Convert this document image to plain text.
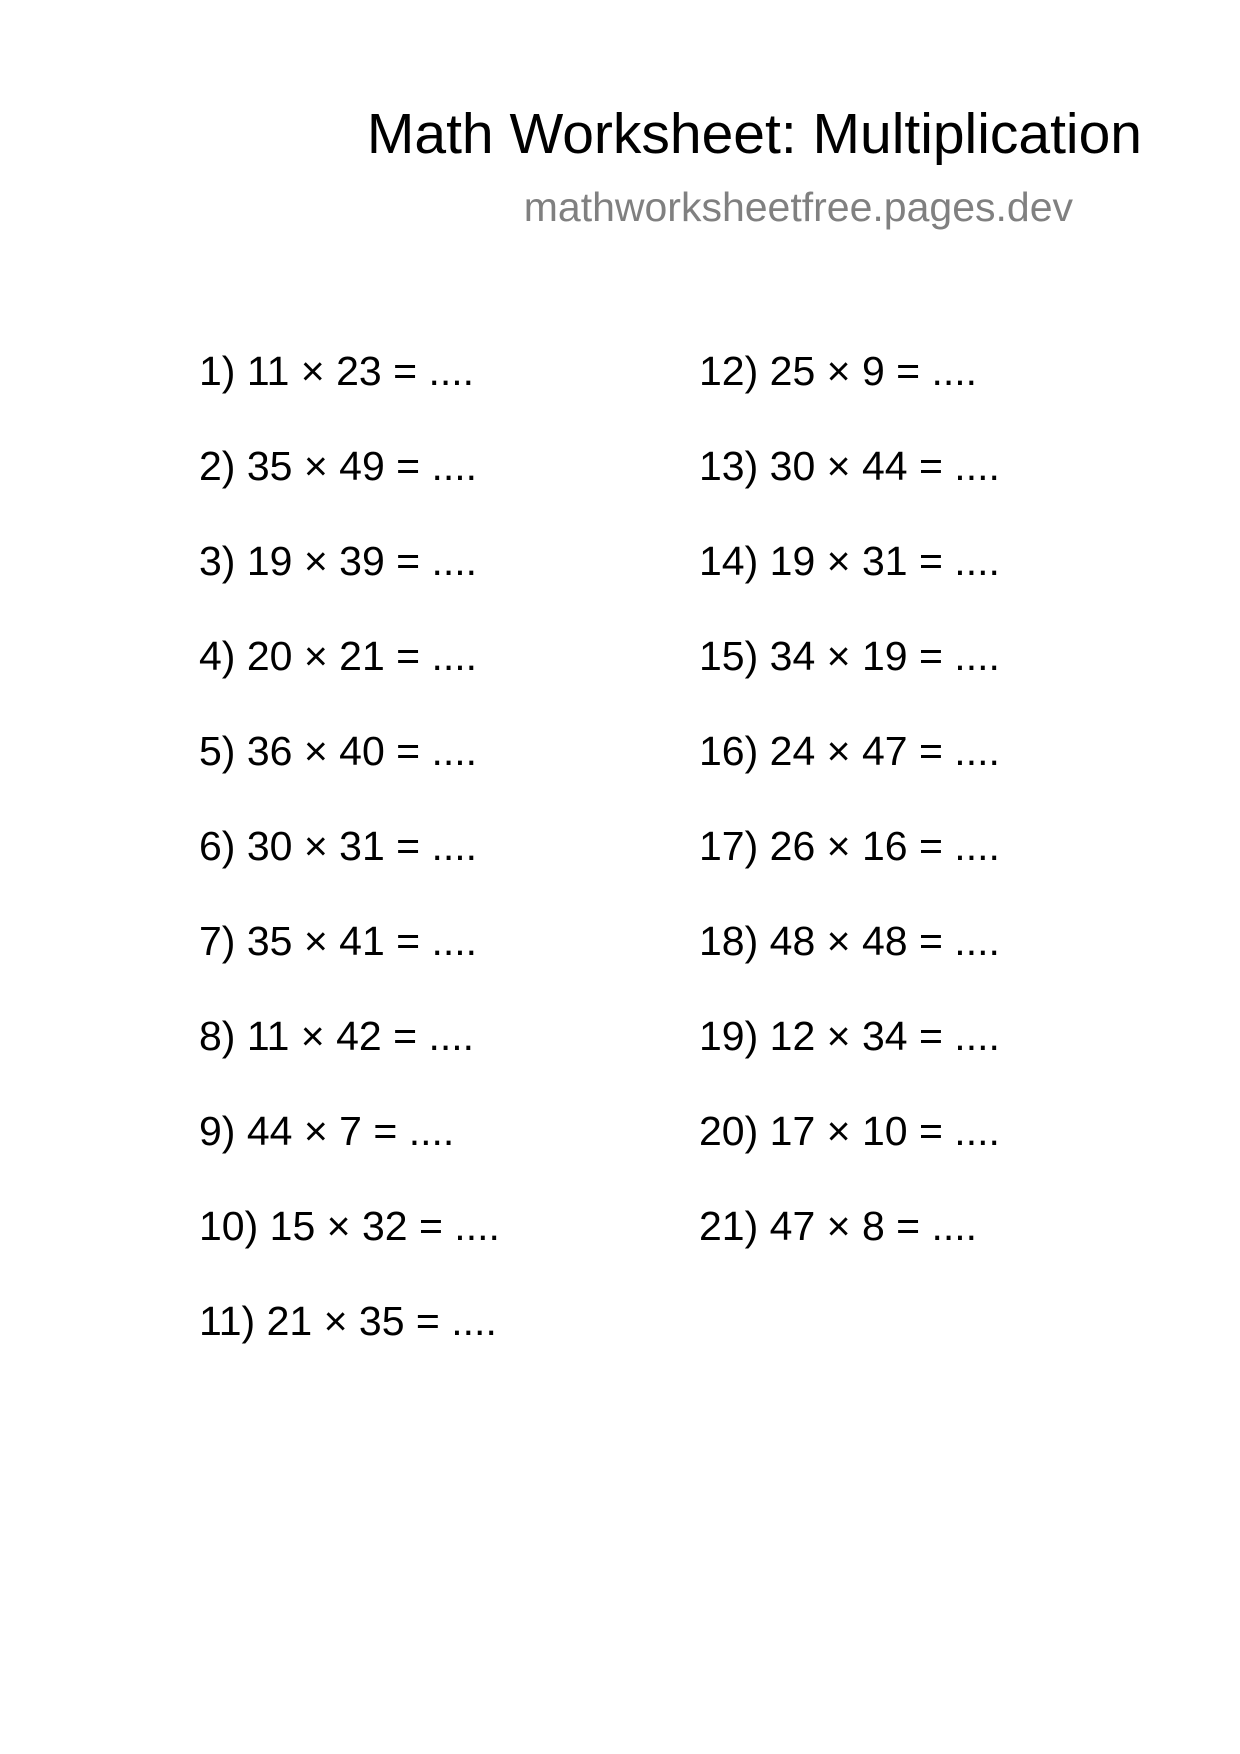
Math Worksheet: Multiplication
mathworksheetfree.pages.dev
1) 11 × 23 = ....
2) 35 × 49 = ....
3) 19 × 39 = ....
4) 20 × 21 = ....
5) 36 × 40 = ....
6) 30 × 31 = ....
7) 35 × 41 = ....
8) 11 × 42 = ....
9) 44 × 7 = ....
10) 15 × 32 = ....
11) 21 × 35 = ....
12) 25 × 9 = ....
13) 30 × 44 = ....
14) 19 × 31 = ....
15) 34 × 19 = ....
16) 24 × 47 = ....
17) 26 × 16 = ....
18) 48 × 48 = ....
19) 12 × 34 = ....
20) 17 × 10 = ....
21) 47 × 8 = ....
